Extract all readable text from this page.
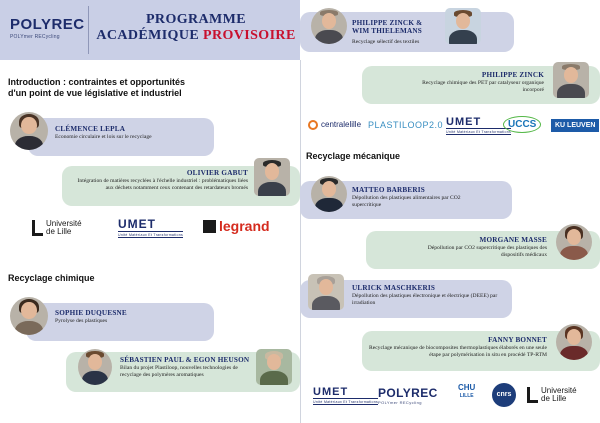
POLYREC
POLYmer RECycling
PROGRAMME
ACADÉMIQUE PROVISOIRE
Introduction : contraintes et opportunités d'un point de vue législative et industriel
CLÉMENCE LEPLA
Economie circulaire et lois sur le recyclage
OLIVIER GABUT
Intégration de matières recyclées à l'échelle industriel : problématiques liées aux déchets notamment ceux contenant des retardateurs bromés
Université
de Lille
UMET
Unité Matériaux Et Transformations
legrand
Recyclage chimique
SOPHIE DUQUESNE
Pyrolyse des plastiques
SÉBASTIEN PAUL & EGON HEUSON
Bilan du projet Plastiloop, nouvelles technologies de recyclage des polymères aromatiques
PHILIPPE ZINCK &
WIM THIELEMANS
Recyclage sélectif des textiles
PHILIPPE ZINCK
Recyclage chimique des PET par catalyseur organique incorporé
centralelille PLASTILOOP2.0 UMET
Unité Matériaux Et Transformations
UCCS	KU LEUVEN
Recyclage mécanique
MATTEO BARBERIS
Dépollution des plastiques alimentaires par CO2 supercritique
MORGANE MASSE
Dépollution par CO2 supercritique des plastiques des dispositifs médicaux
ULRICK MASCHKERIS
Dépollution des plastiques électronique et électrique (DEEE) par irradiation
FANNY BONNET
Recyclage mécanique de biocomposites thermoplastiques élaborés en une seule étape par polymérisation in situ en procédé TP-RTM
UMET
Unité Matériaux Et Transformations
POLYREC
POLYmer RECycling
CHU
LILLE	cnrs	Université
de Lille
